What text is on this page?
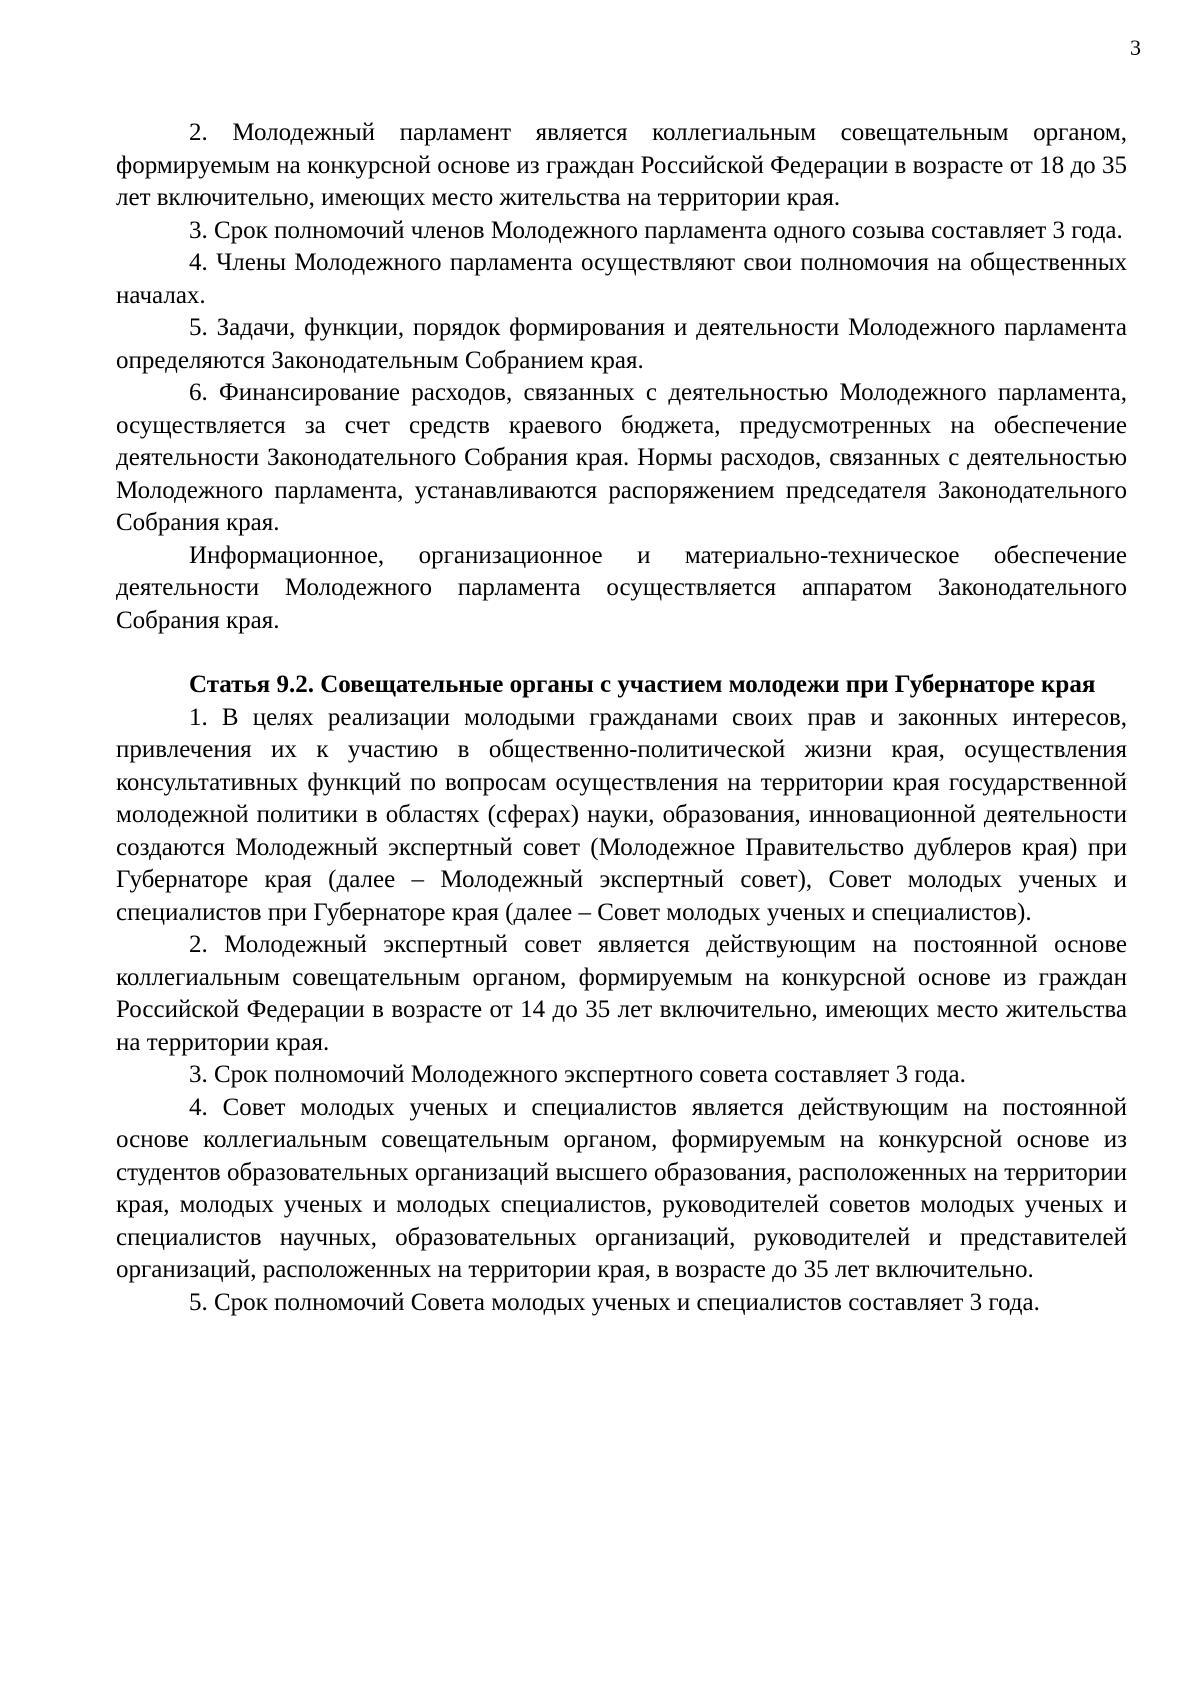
3

2. Молодежный парламент является коллегиальным совещательным органом, формируемым на конкурсной основе из граждан Российской Федерации в возрасте от 18 до 35 лет включительно, имеющих место жительства на территории края.

3. Срок полномочий членов Молодежного парламента одного созыва составляет 3 года.

4. Члены Молодежного парламента осуществляют свои полномочия на общественных началах.

5. Задачи, функции, порядок формирования и деятельности Молодежного парламента определяются Законодательным Собранием края.

6. Финансирование расходов, связанных с деятельностью Молодежного парламента, осуществляется за счет средств краевого бюджета, предусмотренных на обеспечение деятельности Законодательного Собрания края. Нормы расходов, связанных с деятельностью Молодежного парламента, устанавливаются распоряжением председателя Законодательного Собрания края.

Информационное, организационное и материально-техническое обеспечение деятельности Молодежного парламента осуществляется аппаратом Законодательного Собрания края.

Статья 9.2. Совещательные органы с участием молодежи при Губернаторе края

1. В целях реализации молодыми гражданами своих прав и законных интересов, привлечения их к участию в общественно-политической жизни края, осуществления консультативных функций по вопросам осуществления на территории края государственной молодежной политики в областях (сферах) науки, образования, инновационной деятельности создаются Молодежный экспертный совет (Молодежное Правительство дублеров края) при Губернаторе края (далее – Молодежный экспертный совет), Совет молодых ученых и специалистов при Губернаторе края (далее – Совет молодых ученых и специалистов).

2. Молодежный экспертный совет является действующим на постоянной основе коллегиальным совещательным органом, формируемым на конкурсной основе из граждан Российской Федерации в возрасте от 14 до 35 лет включительно, имеющих место жительства на территории края.

3. Срок полномочий Молодежного экспертного совета составляет 3 года.

4. Совет молодых ученых и специалистов является действующим на постоянной основе коллегиальным совещательным органом, формируемым на конкурсной основе из студентов образовательных организаций высшего образования, расположенных на территории края, молодых ученых и молодых специалистов, руководителей советов молодых ученых и специалистов научных, образовательных организаций, руководителей и представителей организаций, расположенных на территории края, в возрасте до 35 лет включительно.

5. Срок полномочий Совета молодых ученых и специалистов составляет 3 года.
